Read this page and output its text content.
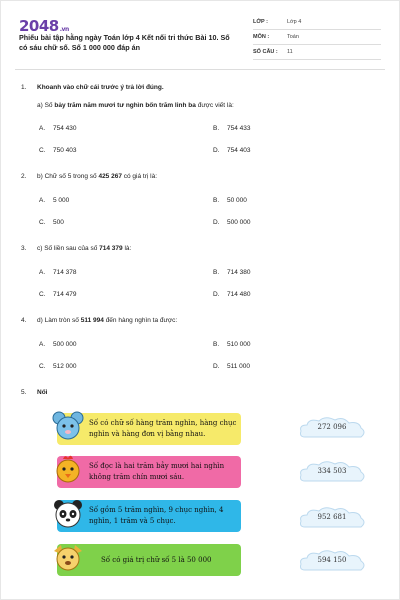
2048.vn
Phiếu bài tập hằng ngày Toán lớp 4 Kết nối tri thức Bài 10. Số có sáu chữ số. Số 1 000 000 đáp án
LỚP :	Lớp 4
MÔN :	Toán
SỐ CÂU :	11
1.	Khoanh vào chữ cái trước ý trả lời đúng.
a) Số bảy trăm năm mươi tư nghìn bốn trăm linh ba được viết là:
A. 754 430	B. 754 433
C. 750 403	D. 754 403
2.	b) Chữ số 5 trong số 425 267 có giá trị là:
A. 5 000	B. 50 000
C. 500	D. 500 000
3.	c) Số liền sau của số 714 379 là:
A. 714 378	B. 714 380
C. 714 479	D. 714 480
4.	d) Làm tròn số 511 994 đến hàng nghìn ta được:
A. 500 000	B. 510 000
C. 512 000	D. 511 000
5.	Nối
Số có chữ số hàng trăm nghìn, hàng chục nghìn và hàng đơn vị bằng nhau.
Số đọc là hai trăm bảy mươi hai nghìn không trăm chín mươi sáu.
Số gồm 5 trăm nghìn, 9 chục nghìn, 4 nghìn, 1 trăm và 5 chục.
Số có giá trị chữ số 5 là 50 000
272 096
334 503
952 681
594 150
